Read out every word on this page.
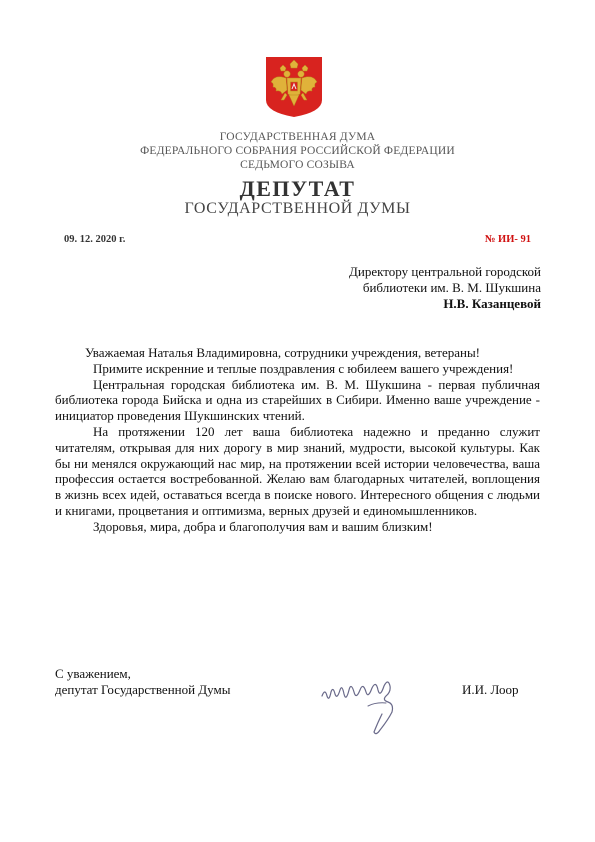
ГОСУДАРСТВЕННАЯ ДУМА
ФЕДЕРАЛЬНОГО СОБРАНИЯ РОССИЙСКОЙ ФЕДЕРАЦИИ
СЕДЬМОГО СОЗЫВА
ДЕПУТАТ
ГОСУДАРСТВЕННОЙ ДУМЫ
09. 12. 2020 г.	№ ИИ- 91
Директору центральной городской
библиотеки им. В. М. Шукшина
Н.В. Казанцевой

Уважаемая Наталья Владимировна, сотрудники учреждения, ветераны!

Примите искренние и теплые поздравления с юбилеем вашего учреждения!

Центральная городская библиотека им. В. М. Шукшина - первая публичная библиотека города Бийска и одна из старейших в Сибири. Именно ваше учреждение - инициатор проведения Шукшинских чтений.

На протяжении 120 лет ваша библиотека надежно и преданно служит читателям, открывая для них дорогу в мир знаний, мудрости, высокой культуры. Как бы ни менялся окружающий нас мир, на протяжении всей истории человечества, ваша профессия остается востребованной. Желаю вам благодарных читателей, воплощения в жизнь всех идей, оставаться всегда в поиске нового. Интересного общения с людьми и книгами, процветания и оптимизма, верных друзей и единомышленников.

Здоровья, мира, добра и благополучия вам и вашим близким!

С уважением,
депутат Государственной Думы	И.И. Лоор
